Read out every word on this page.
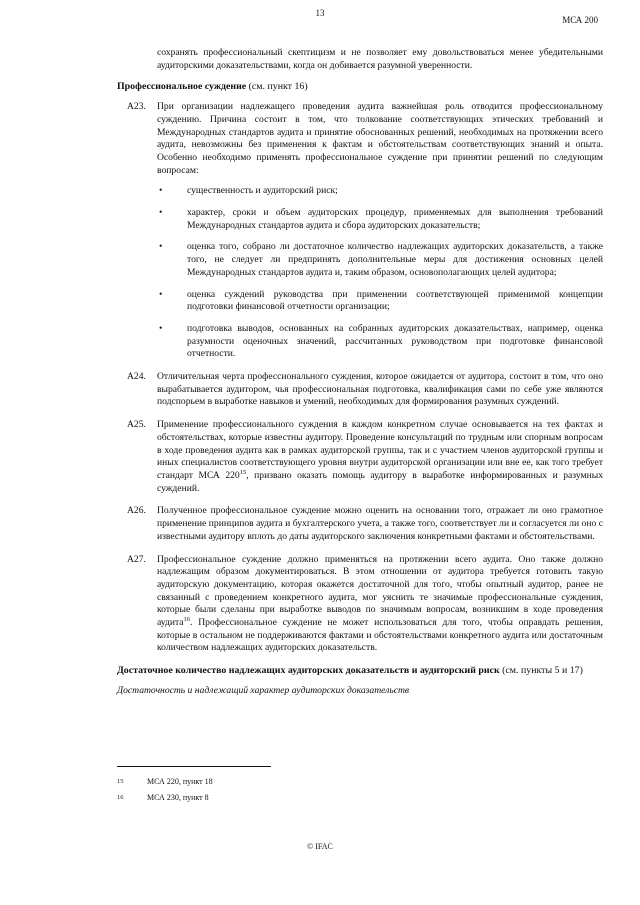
13
МСА 200
сохранять профессиональный скептицизм и не позволяет ему довольствоваться менее убедительными аудиторскими доказательствами, когда он добивается разумной уверенности.
Профессиональное суждение (см. пункт 16)
A23. При организации надлежащего проведения аудита важнейшая роль отводится профессиональному суждению. Причина состоит в том, что толкование соответствующих этических требований и Международных стандартов аудита и принятие обоснованных решений, необходимых на протяжении всего аудита, невозможны без применения к фактам и обстоятельствам соответствующих знаний и опыта. Особенно необходимо применять профессиональное суждение при принятии решений по следующим вопросам:
•	существенность и аудиторский риск;
•	характер, сроки и объем аудиторских процедур, применяемых для выполнения требований Международных стандартов аудита и сбора аудиторских доказательств;
•	оценка того, собрано ли достаточное количество надлежащих аудиторских доказательств, а также того, не следует ли предпринять дополнительные меры для достижения основных целей Международных стандартов аудита и, таким образом, основополагающих целей аудитора;
•	оценка суждений руководства при применении соответствующей применимой концепции подготовки финансовой отчетности организации;
•	подготовка выводов, основанных на собранных аудиторских доказательствах, например, оценка разумности оценочных значений, рассчитанных руководством при подготовке финансовой отчетности.
A24. Отличительная черта профессионального суждения, которое ожидается от аудитора, состоит в том, что оно вырабатывается аудитором, чья профессиональная подготовка, квалификация сами по себе уже являются подспорьем в выработке навыков и умений, необходимых для формирования разумных суждений.
A25. Применение профессионального суждения в каждом конкретном случае основывается на тех фактах и обстоятельствах, которые известны аудитору. Проведение консультаций по трудным или спорным вопросам в ходе проведения аудита как в рамках аудиторской группы, так и с участием членов аудиторской группы и иных специалистов соответствующего уровня внутри аудиторской организации или вне ее, как того требует стандарт МСА $220^{15}$, призвано оказать помощь аудитору в выработке информированных и разумных суждений.
A26. Полученное профессиональное суждение можно оценить на основании того, отражает ли оно грамотное применение принципов аудита и бухгалтерского учета, а также того, соответствует ли и согласуется ли оно с известными аудитору вплоть до даты аудиторского заключения конкретными фактами и обстоятельствами.
A27. Профессиональное суждение должно применяться на протяжении всего аудита. Оно также должно надлежащим образом документироваться. В этом отношении от аудитора требуется готовить такую аудиторскую документацию, которая окажется достаточной для того, чтобы опытный аудитор, ранее не связанный с проведением конкретного аудита, мог уяснить те значимые профессиональные суждения, которые были сделаны при выработке выводов по значимым вопросам, возникшим в ходе проведения аудита$^{16}$. Профессиональное суждение не может использоваться для того, чтобы оправдать решения, которые в остальном не поддерживаются фактами и обстоятельствами конкретного аудита или достаточным количеством надлежащих аудиторских доказательств.
Достаточное количество надлежащих аудиторских доказательств и аудиторский риск (см. пункты 5 и 17)
Достаточность и надлежащий характер аудиторских доказательств
15	МСА 220, пункт 18
16	МСА 230, пункт 8
© IFAC
